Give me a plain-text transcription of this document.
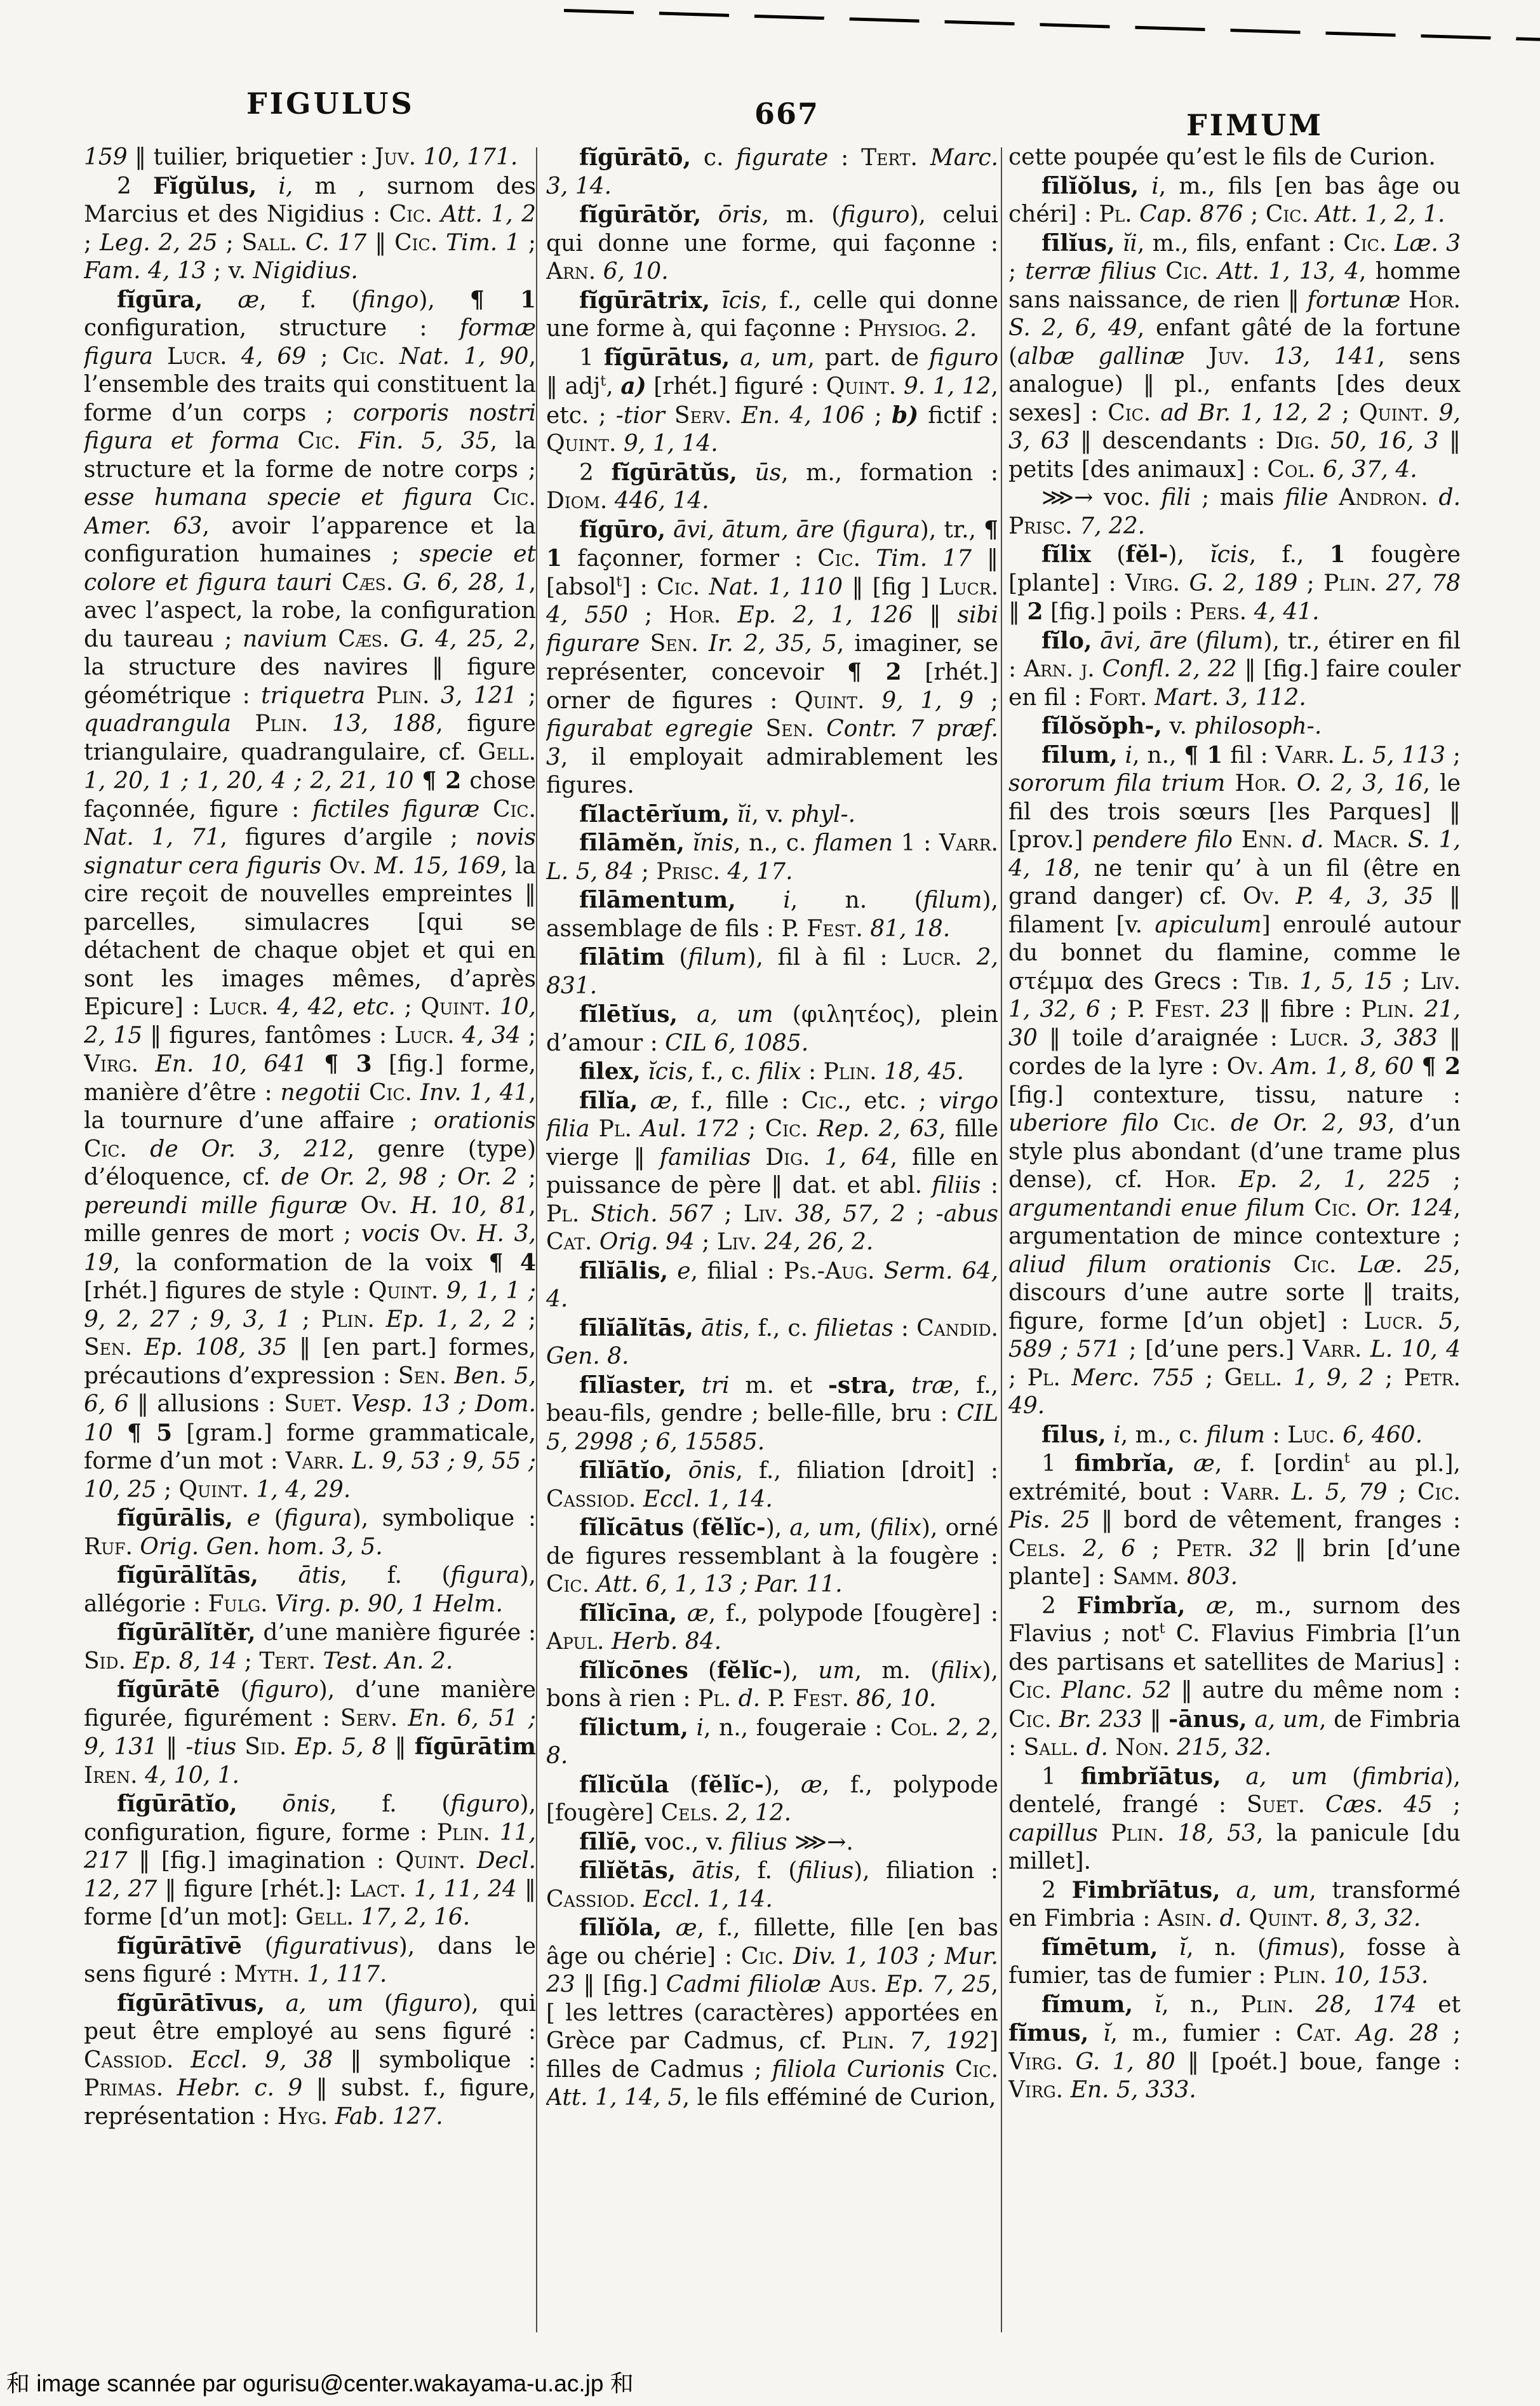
FIGULUS	667	FIMUM

159 ‖ tuilier, briquetier : Juv. 10, 171.

2 Fĭgŭlus, i, m , surnom des Marcius et des Nigidius : Cic. Att. 1, 2 ; Leg. 2, 25 ; Sall. C. 17 ‖ Cic. Tim. 1 ; Fam. 4, 13 ; v. Nigidius.

fĭgūra, æ, f. (fingo), ¶ 1 configuration, structure : formæ figura Lucr. 4, 69 ; Cic. Nat. 1, 90, l’ensemble des traits qui constituent la forme d’un corps ; corporis nostri figura et forma Cic. Fin. 5, 35, la structure et la forme de notre corps ; esse humana specie et figura Cic. Amer. 63, avoir l’apparence et la configuration humaines ; specie et colore et figura tauri Cæs. G. 6, 28, 1, avec l’aspect, la robe, la configuration du taureau ; navium Cæs. G. 4, 25, 2, la structure des navires ‖ figure géométrique : triquetra Plin. 3, 121 ; quadrangula Plin. 13, 188, figure triangulaire, quadrangulaire, cf. Gell. 1, 20, 1 ; 1, 20, 4 ; 2, 21, 10 ¶ 2 chose façonnée, figure : fictiles figuræ Cic. Nat. 1, 71, figures d’argile ; novis signatur cera figuris Ov. M. 15, 169, la cire reçoit de nouvelles empreintes ‖ parcelles, simulacres [qui se détachent de chaque objet et qui en sont les images mêmes, d’après Epicure] : Lucr. 4, 42, etc. ; Quint. 10, 2, 15 ‖ figures, fantômes : Lucr. 4, 34 ; Virg. En. 10, 641 ¶ 3 [fig.] forme, manière d’être : negotii Cic. Inv. 1, 41, la tournure d’une affaire ; orationis Cic. de Or. 3, 212, genre (type) d’éloquence, cf. de Or. 2, 98 ; Or. 2 ; pereundi mille figuræ Ov. H. 10, 81, mille genres de mort ; vocis Ov. H. 3, 19, la conformation de la voix ¶ 4 [rhét.] figures de style : Quint. 9, 1, 1 ; 9, 2, 27 ; 9, 3, 1 ; Plin. Ep. 1, 2, 2 ; Sen. Ep. 108, 35 ‖ [en part.] formes, précautions d’expression : Sen. Ben. 5, 6, 6 ‖ allusions : Suet. Vesp. 13 ; Dom. 10 ¶ 5 [gram.] forme grammaticale, forme d’un mot : Varr. L. 9, 53 ; 9, 55 ; 10, 25 ; Quint. 1, 4, 29.

fĭgūrālis, e (figura), symbolique : Ruf. Orig. Gen. hom. 3, 5.

fĭgūrālĭtās, ātis, f. (figura), allégorie : Fulg. Virg. p. 90, 1 Helm.

fĭgūrālĭtĕr, d’une manière figurée : Sid. Ep. 8, 14 ; Tert. Test. An. 2.

fĭgūrātē (figuro), d’une manière figurée, figurément : Serv. En. 6, 51 ; 9, 131 ‖ -tius Sid. Ep. 5, 8 ‖ fĭgūrātim Iren. 4, 10, 1.

fĭgūrātĭo, ōnis, f. (figuro), configuration, figure, forme : Plin. 11, 217 ‖ [fig.] imagination : Quint. Decl. 12, 27 ‖ figure [rhét.]: Lact. 1, 11, 24 ‖ forme [d’un mot]: Gell. 17, 2, 16.

fĭgūrātīvē (figurativus), dans le sens figuré : Myth. 1, 117.

fĭgūrātīvus, a, um (figuro), qui peut être employé au sens figuré : Cassiod. Eccl. 9, 38 ‖ symbolique : Primas. Hebr. c. 9 ‖ subst. f., figure, représentation : Hyg. Fab. 127.

fĭgūrātō, c. figurate : Tert. Marc. 3, 14.

fĭgūrātŏr, ōris, m. (figuro), celui qui donne une forme, qui façonne : Arn. 6, 10.

fĭgūrātrix, īcis, f., celle qui donne une forme à, qui façonne : Physiog. 2.

1 fĭgūrātus, a, um, part. de figuro ‖ adj$^t$, a) [rhét.] figuré : Quint. 9. 1, 12, etc. ; -tior Serv. En. 4, 106 ; b) fictif : Quint. 9, 1, 14.

2 fĭgūrātŭs, ūs, m., formation : Diom. 446, 14.

fĭgūro, āvi, ātum, āre (figura), tr., ¶ 1 façonner, former : Cic. Tim. 17 ‖ [absol$^t$] : Cic. Nat. 1, 110 ‖ [fig ] Lucr. 4, 550 ; Hor. Ep. 2, 1, 126 ‖ sibi figurare Sen. Ir. 2, 35, 5, imaginer, se représenter, concevoir ¶ 2 [rhét.] orner de figures : Quint. 9, 1, 9 ; figurabat egregie Sen. Contr. 7 præf. 3, il employait admirablement les figures.

fĭlactērĭum, ĭi, v. phyl-.

fīlāmĕn, ĭnis, n., c. flamen 1 : Varr. L. 5, 84 ; Prisc. 4, 17.

fīlāmentum, i, n. (filum), assemblage de fils : P. Fest. 81, 18.

fīlātim (filum), fil à fil : Lucr. 2, 831.

fĭlētĭus, a, um (φιλητέος), plein d’amour : CIL 6, 1085.

filex, ĭcis, f., c. filix : Plin. 18, 45.

fīlĭa, æ, f., fille : Cic., etc. ; virgo filia Pl. Aul. 172 ; Cic. Rep. 2, 63, fille vierge ‖ familias Dig. 1, 64, fille en puissance de père ‖ dat. et abl. filiis : Pl. Stich. 567 ; Liv. 38, 57, 2 ; -abus Cat. Orig. 94 ; Liv. 24, 26, 2.

fīlĭālis, e, filial : Ps.-Aug. Serm. 64, 4.

fīlĭālĭtās, ātis, f., c. filietas : Candid. Gen. 8.

fīlĭaster, tri m. et -stra, træ, f., beau-fils, gendre ; belle-fille, bru : CIL 5, 2998 ; 6, 15585.

fīlĭātĭo, ōnis, f., filiation [droit] : Cassiod. Eccl. 1, 14.

fĭlĭcātus (fĕlĭc-), a, um, (filix), orné de figures ressemblant à la fougère : Cic. Att. 6, 1, 13 ; Par. 11.

fĭlĭcīna, æ, f., polypode [fougère] : Apul. Herb. 84.

fĭlĭcōnes (fĕlĭc-), um, m. (filix), bons à rien : Pl. d. P. Fest. 86, 10.

fĭlictum, i, n., fougeraie : Col. 2, 2, 8.

fĭlĭcŭla (fĕlĭc-), æ, f., polypode [fougère] Cels. 2, 12.

fīlĭē, voc., v. filius ⋙→.

fīlĭĕtās, ātis, f. (filius), filiation : Cassiod. Eccl. 1, 14.

fīlĭŏla, æ, f., fillette, fille [en bas âge ou chérie] : Cic. Div. 1, 103 ; Mur. 23 ‖ [fig.] Cadmi filiolæ Aus. Ep. 7, 25, [ les lettres (caractères) apportées en Grèce par Cadmus, cf. Plin. 7, 192] filles de Cadmus ; filiola Curionis Cic. Att. 1, 14, 5, le fils efféminé de Curion,

cette poupée qu’est le fils de Curion.

fīlĭŏlus, i, m., fils [en bas âge ou chéri] : Pl. Cap. 876 ; Cic. Att. 1, 2, 1.

fīlĭus, ĭi, m., fils, enfant : Cic. Læ. 3 ; terræ filius Cic. Att. 1, 13, 4, homme sans naissance, de rien ‖ fortunæ Hor. S. 2, 6, 49, enfant gâté de la fortune (albæ gallinæ Juv. 13, 141, sens analogue) ‖ pl., enfants [des deux sexes] : Cic. ad Br. 1, 12, 2 ; Quint. 9, 3, 63 ‖ descendants : Dig. 50, 16, 3 ‖ petits [des animaux] : Col. 6, 37, 4.

⋙→ voc. fili ; mais filie Andron. d. Prisc. 7, 22.

fĭlix (fĕl-), ĭcis, f., 1 fougère [plante] : Virg. G. 2, 189 ; Plin. 27, 78 ‖ 2 [fig.] poils : Pers. 4, 41.

fĭlo, āvi, āre (filum), tr., étirer en fil : Arn. j. Confl. 2, 22 ‖ [fig.] faire couler en fil : Fort. Mart. 3, 112.

fĭlŏsŏph-, v. philosoph-.

fīlum, i, n., ¶ 1 fil : Varr. L. 5, 113 ; sororum fila trium Hor. O. 2, 3, 16, le fil des trois sœurs [les Parques] ‖ [prov.] pendere filo Enn. d. Macr. S. 1, 4, 18, ne tenir qu’ à un fil (être en grand danger) cf. Ov. P. 4, 3, 35 ‖ filament [v. apiculum] enroulé autour du bonnet du flamine, comme le στέμμα des Grecs : Tib. 1, 5, 15 ; Liv. 1, 32, 6 ; P. Fest. 23 ‖ fibre : Plin. 21, 30 ‖ toile d’araignée : Lucr. 3, 383 ‖ cordes de la lyre : Ov. Am. 1, 8, 60 ¶ 2 [fig.] contexture, tissu, nature : uberiore filo Cic. de Or. 2, 93, d’un style plus abondant (d’une trame plus dense), cf. Hor. Ep. 2, 1, 225 ; argumentandi enue filum Cic. Or. 124, argumentation de mince contexture ; aliud filum orationis Cic. Læ. 25, discours d’une autre sorte ‖ traits, figure, forme [d’un objet] : Lucr. 5, 589 ; 571 ; [d’une pers.] Varr. L. 10, 4 ; Pl. Merc. 755 ; Gell. 1, 9, 2 ; Petr. 49.

fīlus, i, m., c. filum : Luc. 6, 460.

1 fimbrĭa, æ, f. [ordin$^t$ au pl.], extrémité, bout : Varr. L. 5, 79 ; Cic. Pis. 25 ‖ bord de vêtement, franges : Cels. 2, 6 ; Petr. 32 ‖ brin [d’une plante] : Samm. 803.

2 Fimbrĭa, æ, m., surnom des Flavius ; not$^t$ C. Flavius Fimbria [l’un des partisans et satellites de Marius] : Cic. Planc. 52 ‖ autre du même nom : Cic. Br. 233 ‖ -ānus, a, um, de Fimbria : Sall. d. Non. 215, 32.

1 fimbrĭātus, a, um (fimbria), dentelé, frangé : Suet. Cæs. 45 ; capillus Plin. 18, 53, la panicule [du millet].

2 Fimbrĭātus, a, um, transformé en Fimbria : Asin. d. Quint. 8, 3, 32.

fĭmētum, ĭ, n. (fimus), fosse à fumier, tas de fumier : Plin. 10, 153.

fĭmum, ĭ, n., Plin. 28, 174 et fĭmus, ĭ, m., fumier : Cat. Ag. 28 ; Virg. G. 1, 80 ‖ [poét.] boue, fange : Virg. En. 5, 333.

和 image scannée par ogurisu@center.wakayama-u.ac.jp 和
